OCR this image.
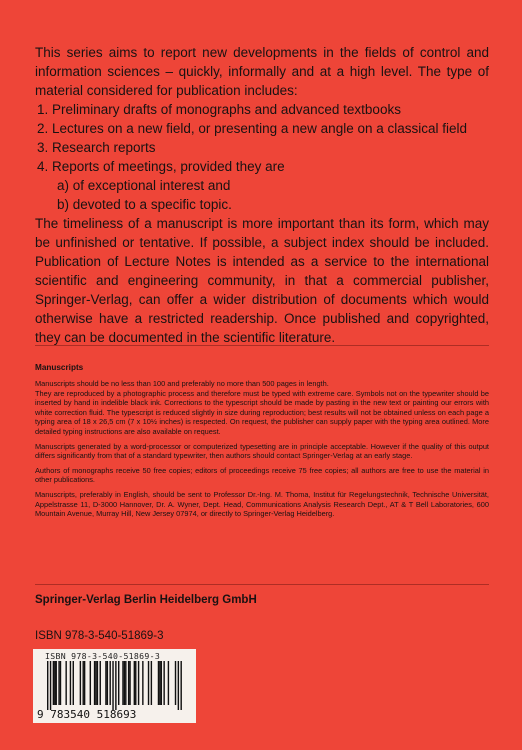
This series aims to report new developments in the fields of control and information sciences – quickly, informally and at a high level. The type of material considered for publication includes:

1. Preliminary drafts of monographs and advanced textbooks
2. Lectures on a new field, or presenting a new angle on a classical field
3. Research reports
4. Reports of meetings, provided they are
a) of exceptional interest and
b) devoted to a specific topic.

The timeliness of a manuscript is more important than its form, which may be unfinished or tentative. If possible, a subject index should be included. Publication of Lecture Notes is intended as a service to the international scientific and engineering community, in that a commercial publisher, Springer-Verlag, can offer a wider distribution of documents which would otherwise have a restricted readership. Once published and copyrighted, they can be documented in the scientific literature.

Manuscripts

Manuscripts should be no less than 100 and preferably no more than 500 pages in length.

They are reproduced by a photographic process and therefore must be typed with extreme care. Symbols not on the typewriter should be inserted by hand in indelible black ink. Corrections to the typescript should be made by pasting in the new text or painting our errors with white correction fluid. The typescript is reduced slightly in size during reproduction; best results will not be obtained unless on each page a typing area of 18 x 26,5 cm (7 x 10½ inches) is respected. On request, the publisher can supply paper with the typing area outlined. More detailed typing instructions are also available on request.

Manuscripts generated by a word-processor or computerized typesetting are in principle acceptable. However if the quality of this output differs significantly from that of a standard typewriter, then authors should contact Springer-Verlag at an early stage.

Authors of monographs receive 50 free copies; editors of proceedings receive 75 free copies; all authors are free to use the material in other publications.

Manuscripts, preferably in English, should be sent to Professor Dr.-Ing. M. Thoma, Institut für Regelungstechnik, Technische Universität, Appelstrasse 11, D-3000 Hannover, Dr. A. Wyner, Dept. Head, Communications Analysis Research Dept., AT & T Bell Laboratories, 600 Mountain Avenue, Murray Hill, New Jersey 07974, or directly to Springer-Verlag Heidelberg.

Springer-Verlag Berlin Heidelberg GmbH
ISBN 978-3-540-51869-3
ISBN 978-3-540-51869-3
9 783540 518693
